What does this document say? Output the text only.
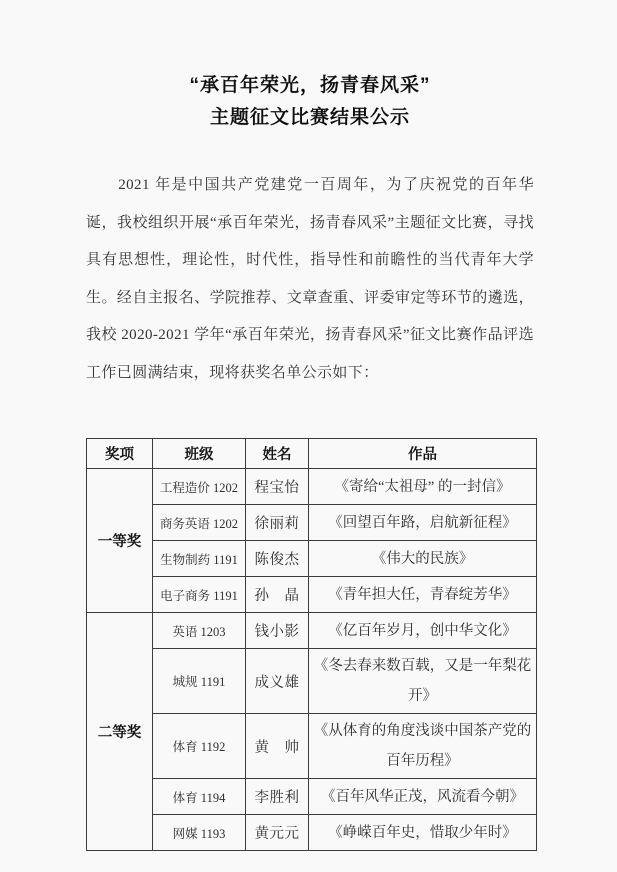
“承百年荣光，扬青春风采”
主题征文比赛结果公示

2021 年是中国共产党建党一百周年，为了庆祝党的百年华诞，我校组织开展“承百年荣光，扬青春风采”主题征文比赛，寻找具有思想性，理论性，时代性，指导性和前瞻性的当代青年大学生。经自主报名、学院推荐、文章查重、评委审定等环节的遴选，我校 2020-2021 学年“承百年荣光，扬青春风采”征文比赛作品评选工作已圆满结束，现将获奖名单公示如下：

奖项	班级	姓名	作品
一等奖	工程造价 1202	程宝怡	《寄给“太祖母” 的一封信》
	商务英语 1202	徐丽莉	《回望百年路，启航新征程》
	生物制药 1191	陈俊杰	《伟大的民族》
	电子商务 1191	孙　晶	《青年担大任，青春绽芳华》
二等奖	英语 1203	钱小影	《亿百年岁月，创中华文化》
	城规 1191	成义雄	《冬去春来数百载，又是一年梨花开》
	体育 1192	黄　帅	《从体育的角度浅谈中国茶产党的百年历程》
	体育 1194	李胜利	《百年风华正茂，风流看今朝》
	网媒 1193	黄元元	《峥嵘百年史，惜取少年时》
